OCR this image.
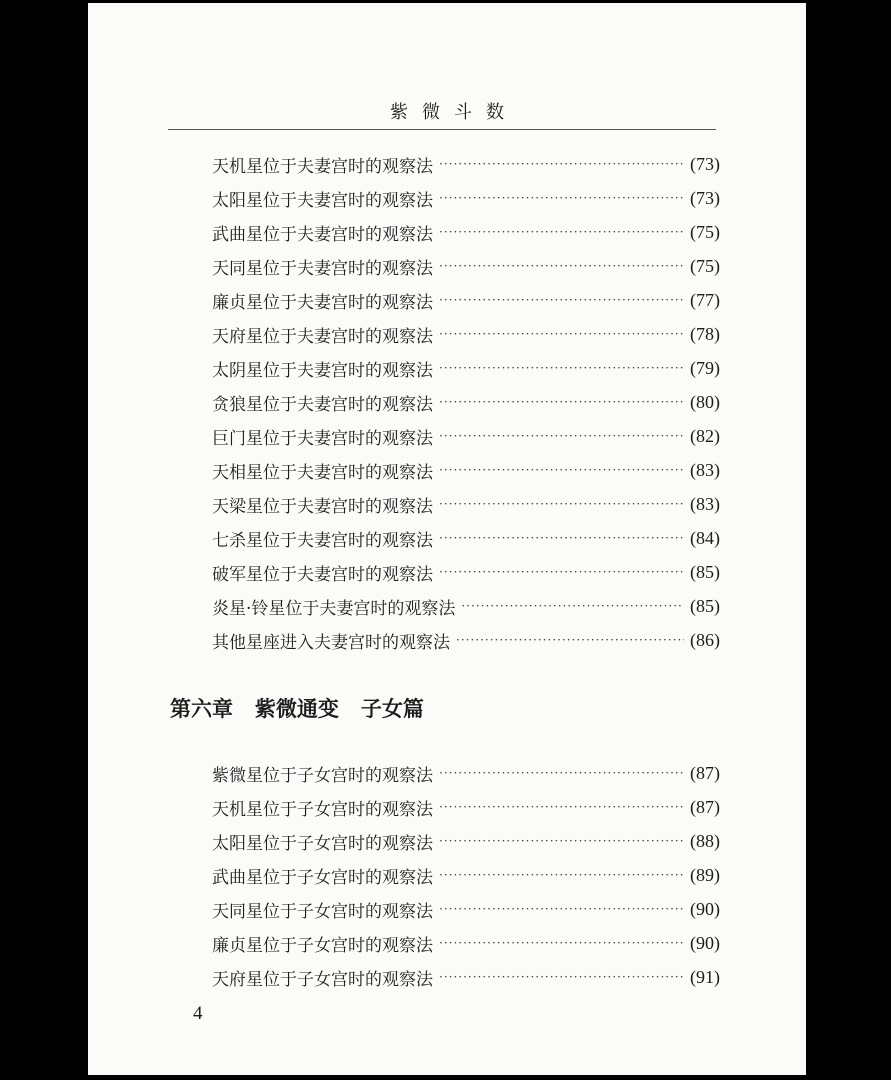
紫微斗数
天机星位于夫妻宫时的观察法 ·····	(73)
太阳星位于夫妻宫时的观察法 ·····	(73)
武曲星位于夫妻宫时的观察法 ·····	(75)
天同星位于夫妻宫时的观察法 ·····	(75)
廉贞星位于夫妻宫时的观察法 ·····	(77)
天府星位于夫妻宫时的观察法 ·····	(78)
太阴星位于夫妻宫时的观察法 ·····	(79)
贪狼星位于夫妻宫时的观察法 ·····	(80)
巨门星位于夫妻宫时的观察法 ·····	(82)
天相星位于夫妻宫时的观察法 ·····	(83)
天梁星位于夫妻宫时的观察法 ·····	(83)
七杀星位于夫妻宫时的观察法 ·····	(84)
破军星位于夫妻宫时的观察法 ·····	(85)
炎星·铃星位于夫妻宫时的观察法 ·····	(85)
其他星座进入夫妻宫时的观察法 ·····	(86)
第六章   紫微通变   子女篇
紫微星位于子女宫时的观察法 ·····	(87)
天机星位于子女宫时的观察法 ·····	(87)
太阳星位于子女宫时的观察法 ·····	(88)
武曲星位于子女宫时的观察法 ·····	(89)
天同星位于子女宫时的观察法 ·····	(90)
廉贞星位于子女宫时的观察法 ·····	(90)
天府星位于子女宫时的观察法 ·····	(91)
4
